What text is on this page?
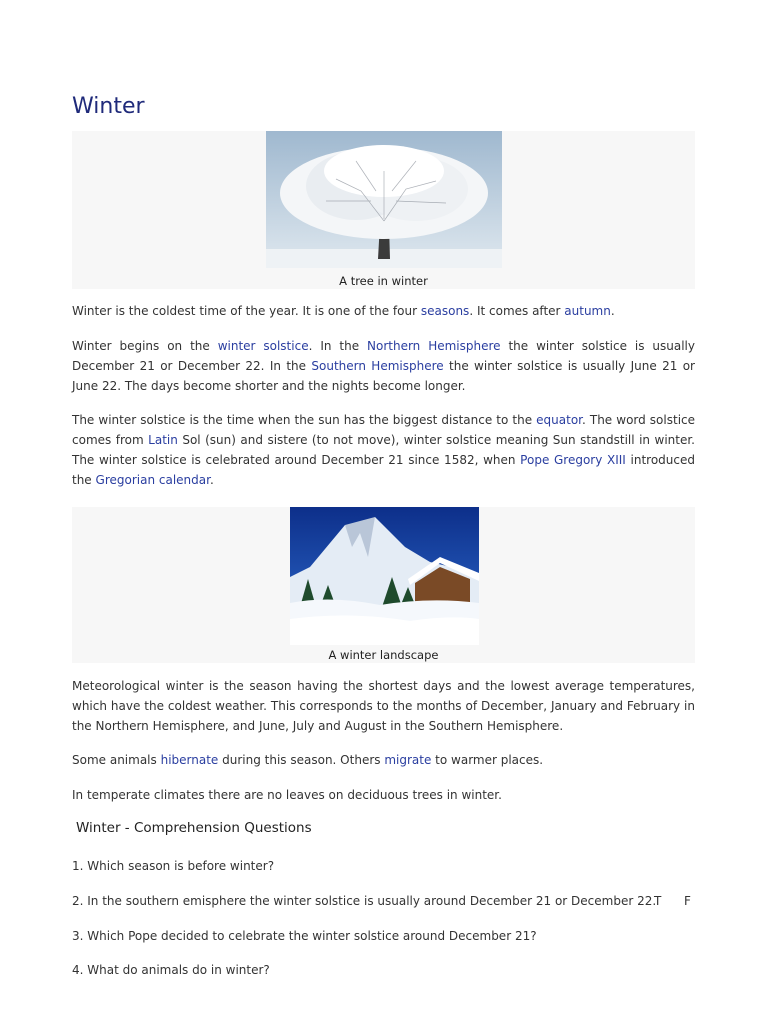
Winter
A tree in winter

Winter is the coldest time of the year. It is one of the four seasons. It comes after autumn.

Winter begins on the winter solstice. In the Northern Hemisphere the winter solstice is usually December 21 or December 22. In the Southern Hemisphere the winter solstice is usually June 21 or June 22. The days become shorter and the nights become longer.

The winter solstice is the time when the sun has the biggest distance to the equator. The word solstice comes from Latin Sol (sun) and sistere (to not move), winter solstice meaning Sun standstill in winter. The winter solstice is celebrated around December 21 since 1582, when Pope Gregory XIII introduced the Gregorian calendar.

A winter landscape

Meteorological winter is the season having the shortest days and the lowest average temperatures, which have the coldest weather. This corresponds to the months of December, January and February in the Northern Hemisphere, and June, July and August in the Southern Hemisphere.

Some animals hibernate during this season. Others migrate to warmer places.

In temperate climates there are no leaves on deciduous trees in winter.

Winter - Comprehension Questions
1. Which season is before winter?
2. In the southern emisphere the winter solstice is usually around December 21 or December 22.
T F
3. Which Pope decided to celebrate the winter solstice around December 21?
4. What do animals do in winter?
